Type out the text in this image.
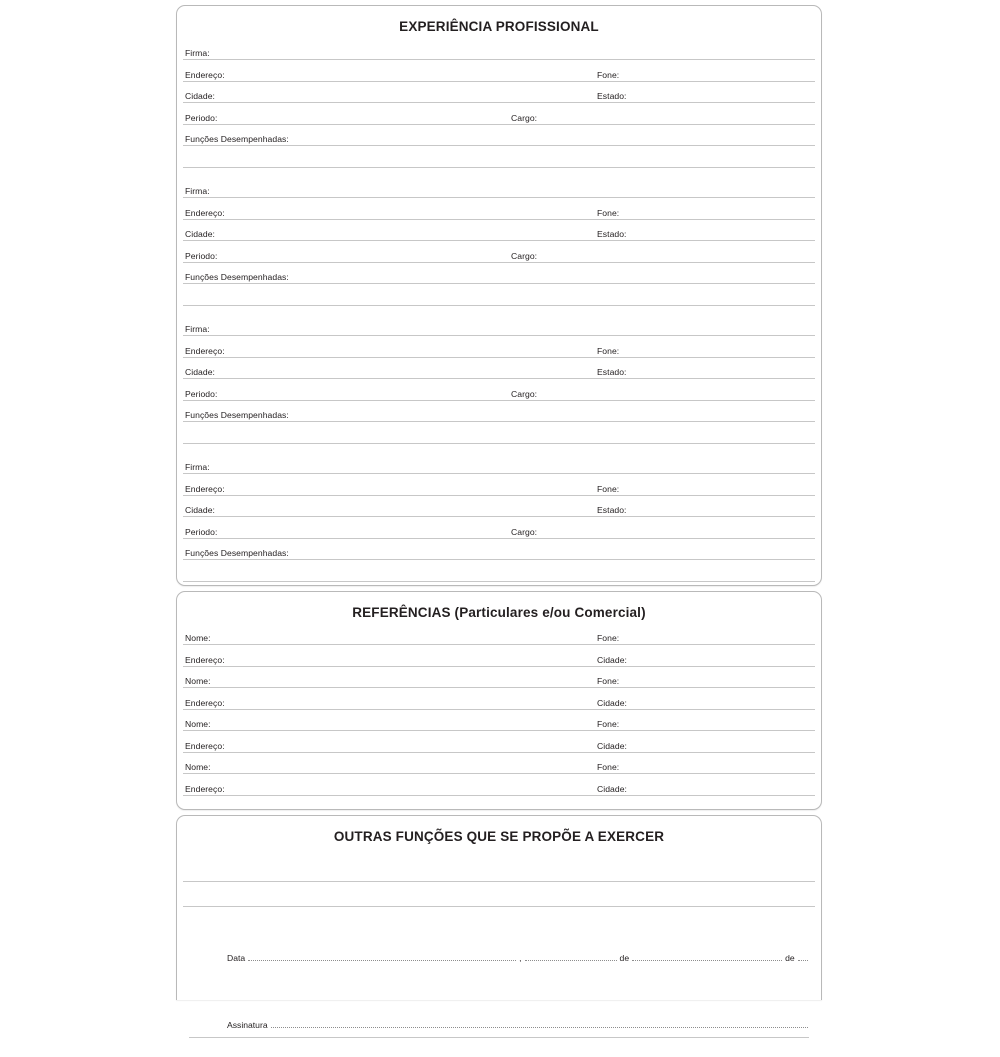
EXPERIÊNCIA PROFISSIONAL
Firma:
Endereço:	Fone:
Cidade:	Estado:
Periodo:	Cargo:
Funções Desempenhadas:
Firma:
Endereço:	Fone:
Cidade:	Estado:
Periodo:	Cargo:
Funções Desempenhadas:
Firma:
Endereço:	Fone:
Cidade:	Estado:
Periodo:	Cargo:
Funções Desempenhadas:
Firma:
Endereço:	Fone:
Cidade:	Estado:
Periodo:	Cargo:
Funções Desempenhadas:
REFERÊNCIAS (Particulares e/ou Comercial)
Nome:	Fone:
Endereço:	Cidade:
Nome:	Fone:
Endereço:	Cidade:
Nome:	Fone:
Endereço:	Cidade:
Nome:	Fone:
Endereço:	Cidade:
OUTRAS FUNÇÕES QUE SE PROPÕE A EXERCER
Data	,	de	de
Assinatura
